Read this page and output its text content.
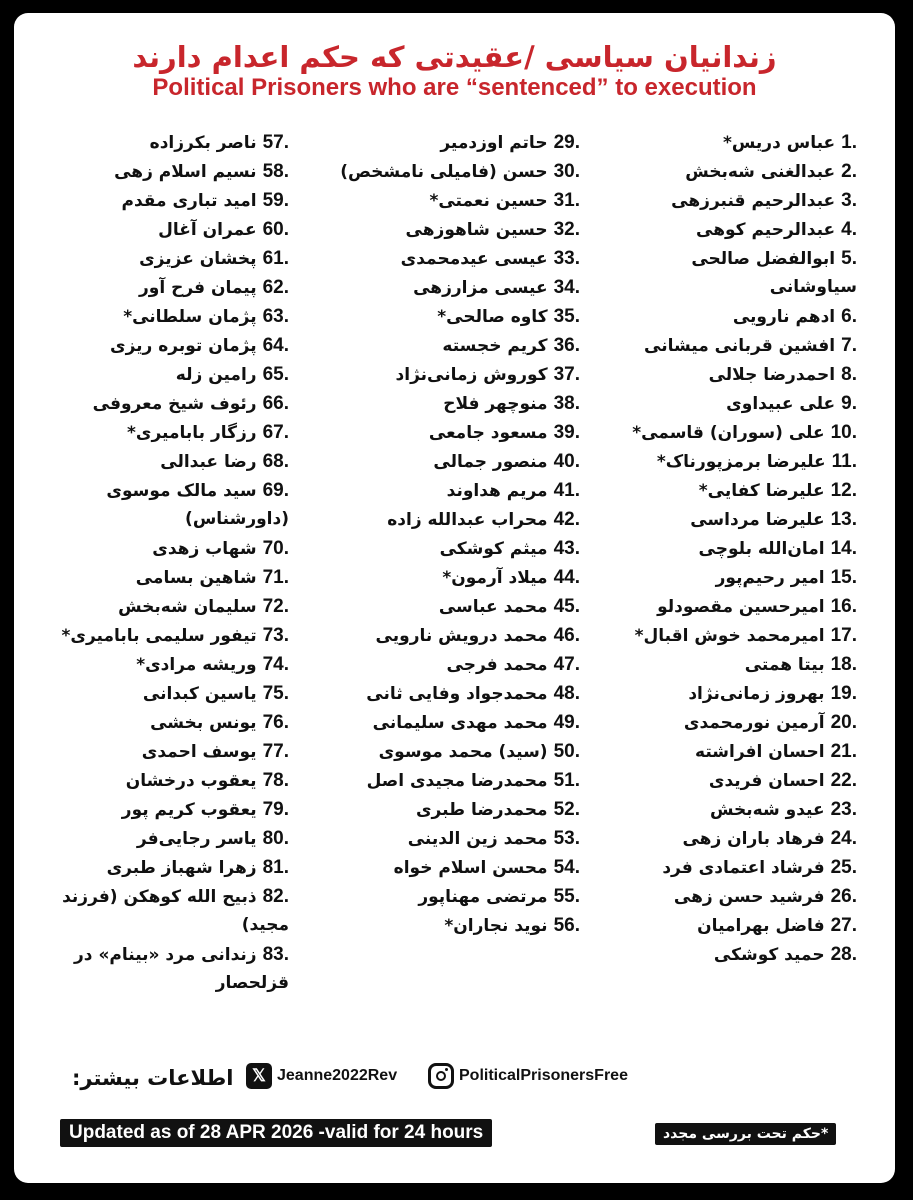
زندانیان سیاسی /عقیدتی که حکم اعدام دارند
Political Prisoners who are “sentenced” to execution
1.عباس دریس*
2.عبدالغنی شه‌بخش
3.عبدالرحیم قنبرزهی
4.عبدالرحیم کوهی
5.ابوالفضل صالحی سیاوشانی
6.ادهم نارویی
7.افشین قربانی میشانی
8.احمدرضا جلالی
9.علی عبیداوی
10.علی (سوران) قاسمی*
11.علیرضا برمزپورناک*
12.علیرضا کفایی*
13.علیرضا مرداسی
14.امان‌الله بلوچی
15.امیر رحیم‌پور
16.امیرحسین مقصودلو
17.امیرمحمد خوش اقبال*
18.بیتا همتی
19.بهروز زمانی‌نژاد
20.آرمین نورمحمدی
21.احسان افراشته
22.احسان فریدی
23.عیدو شه‌بخش
24.فرهاد باران زهی
25.فرشاد اعتمادی فرد
26.فرشید حسن زهی
27.فاضل بهرامیان
28.حمید کوشکی
29.حاتم اوزدمیر
30.حسن (فامیلی نامشخص)
31.حسین نعمتی*
32.حسین شاهوزهی
33.عیسی عیدمحمدی
34.عیسی مزارزهی
35.کاوه صالحی*
36.کریم خجسته
37.کوروش زمانی‌نژاد
38.منوچهر فلاح
39.مسعود جامعی
40.منصور جمالی
41.مریم هداوند
42.محراب عبدالله زاده
43.میثم کوشکی
44.میلاد آرمون*
45.محمد عباسی
46.محمد درویش نارویی
47.محمد فرجی
48.محمدجواد وفایی ثانی
49.محمد مهدی سلیمانی
50.(سید) محمد موسوی
51.محمدرضا مجیدی اصل
52.محمدرضا طبری
53.محمد زین الدینی
54.محسن اسلام خواه
55.مرتضی مهناپور
56.نوید نجاران*
57.ناصر بکرزاده
58.نسیم اسلام زهی
59.امید تباری مقدم
60.عمران آغال
61.پخشان عزیزی
62.پیمان فرح آور
63.پژمان سلطانی*
64.پژمان توبره ریزی
65.رامین زله
66.رئوف شیخ معروفی
67.رزگار بابامیری*
68.رضا عبدالی
69.سید مالک موسوی (داورشناس)
70.شهاب زهدی
71.شاهین بسامی
72.سلیمان شه‌بخش
73.تیفور سلیمی بابامیری*
74.وریشه مرادی*
75.یاسین کبدانی
76.یونس بخشی
77.یوسف احمدی
78.یعقوب درخشان
79.یعقوب کریم پور
80.یاسر رجایی‌فر
81.زهرا شهباز طبری
82.ذبیح الله کوهکن (فرزند مجید)
83.زندانی مرد «بینام» در قزلحصار
اطلاعات بیشتر:	𝕏 Jeanne2022Rev	PoliticalPrisonersFree
Updated as of 28 APR 2026 -valid for 24 hours	*حکم تحت بررسی مجدد
